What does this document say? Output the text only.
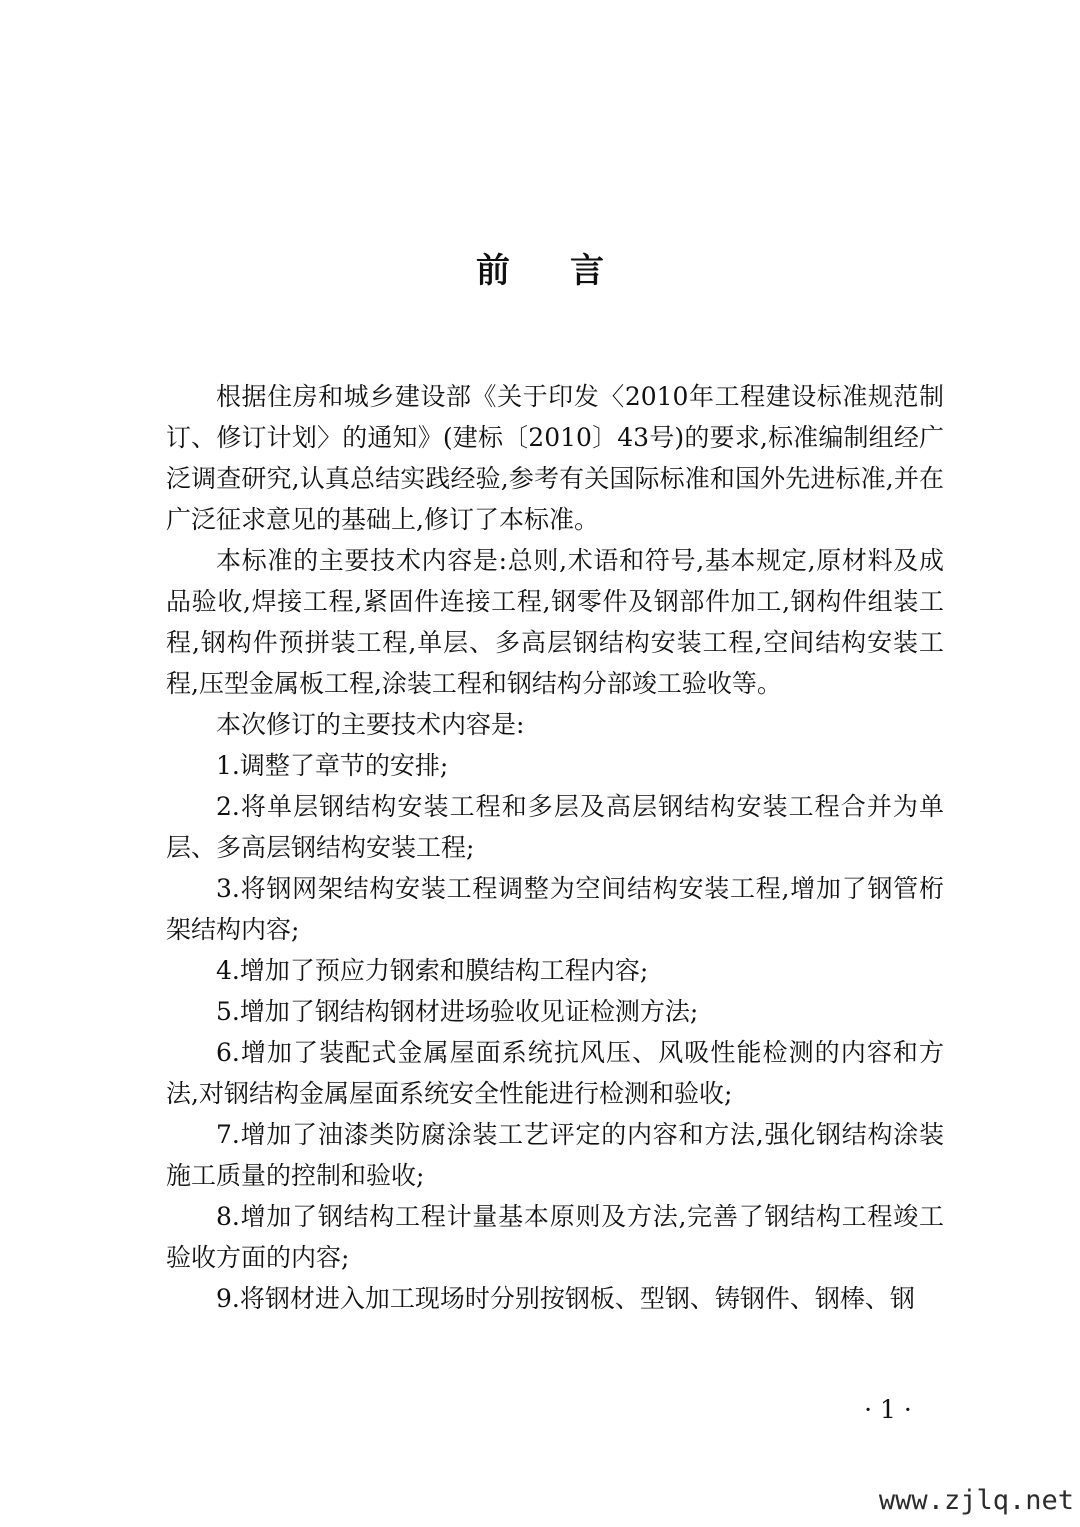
前言

根据住房和城乡建设部《关于印发〈2010年工程建设标准规范制订、修订计划〉的通知》(建标〔2010〕43号)的要求,标准编制组经广泛调查研究,认真总结实践经验,参考有关国际标准和国外先进标准,并在广泛征求意见的基础上,修订了本标准。

本标准的主要技术内容是:总则,术语和符号,基本规定,原材料及成品验收,焊接工程,紧固件连接工程,钢零件及钢部件加工,钢构件组装工程,钢构件预拼装工程,单层、多高层钢结构安装工程,空间结构安装工程,压型金属板工程,涂装工程和钢结构分部竣工验收等。

本次修订的主要技术内容是:

1.调整了章节的安排;

2.将单层钢结构安装工程和多层及高层钢结构安装工程合并为单层、多高层钢结构安装工程;

3.将钢网架结构安装工程调整为空间结构安装工程,增加了钢管桁架结构内容;

4.增加了预应力钢索和膜结构工程内容;

5.增加了钢结构钢材进场验收见证检测方法;

6.增加了装配式金属屋面系统抗风压、风吸性能检测的内容和方法,对钢结构金属屋面系统安全性能进行检测和验收;

7.增加了油漆类防腐涂装工艺评定的内容和方法,强化钢结构涂装施工质量的控制和验收;

8.增加了钢结构工程计量基本原则及方法,完善了钢结构工程竣工验收方面的内容;

9.将钢材进入加工现场时分别按钢板、型钢、铸钢件、钢棒、钢

· 1 ·
www.zjlq.net
